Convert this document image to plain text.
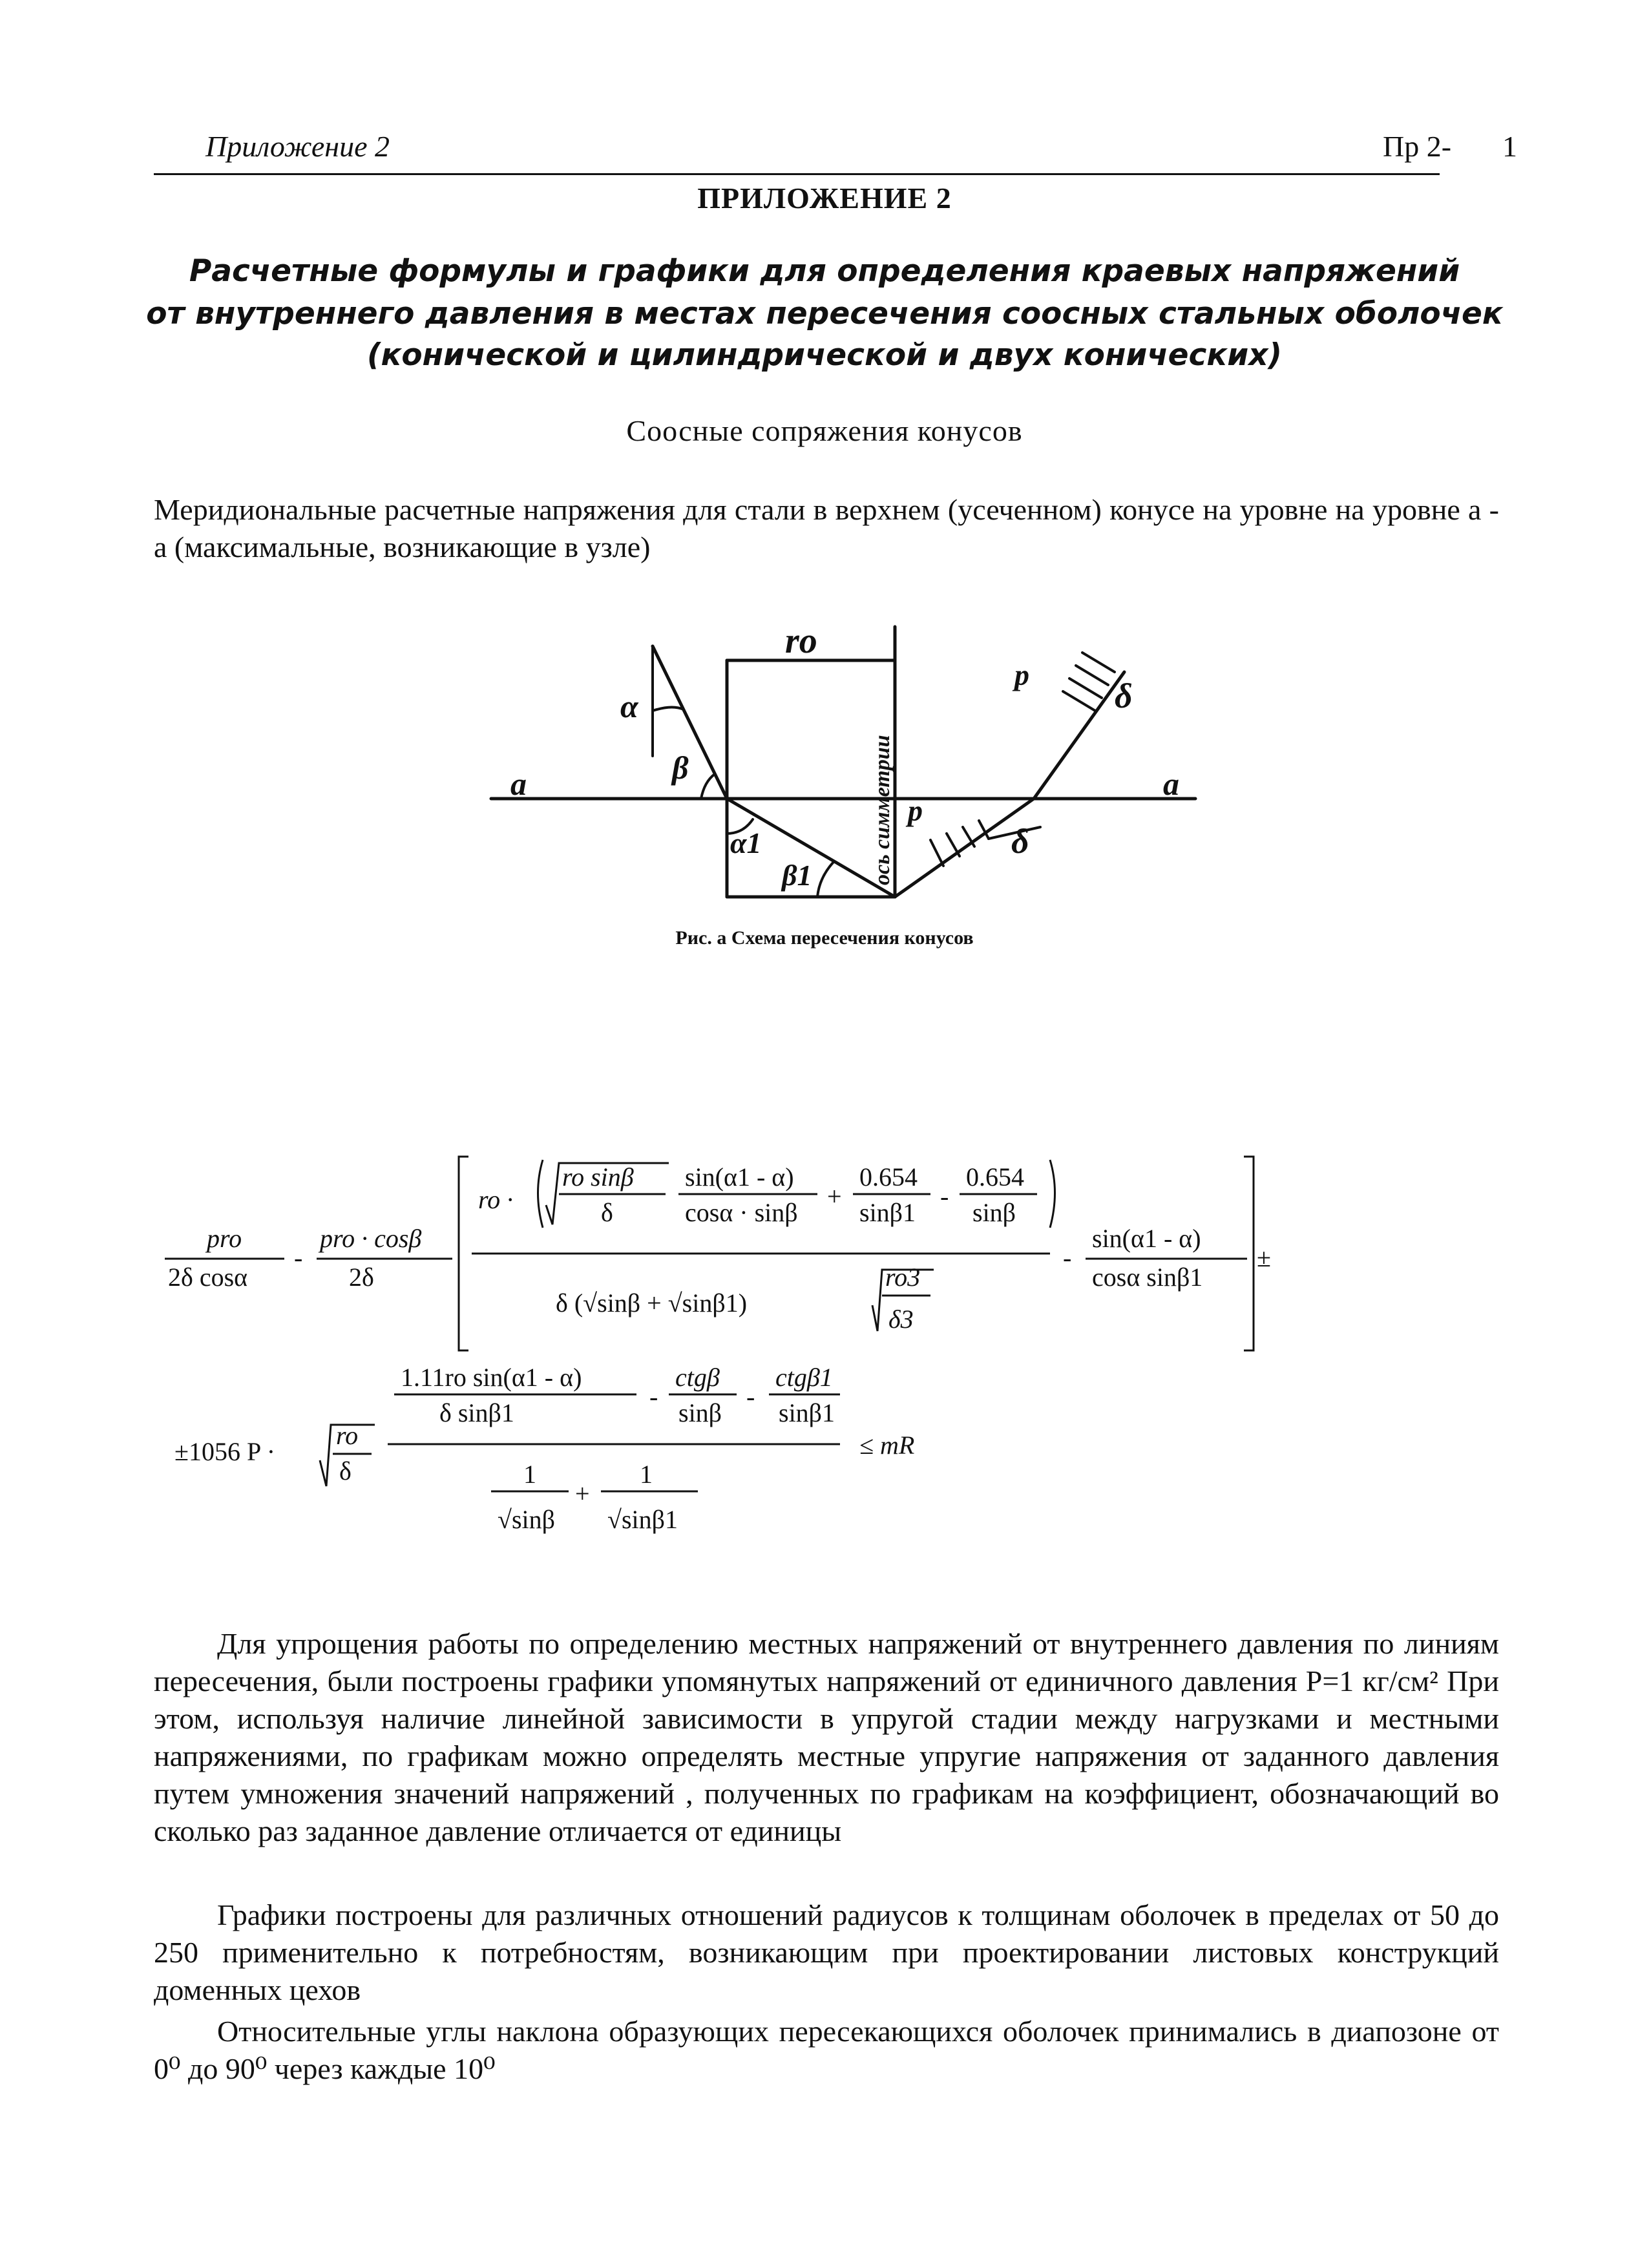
Приложение 2	Пр 2- 1
ПРИЛОЖЕНИЕ 2
Расчетные формулы и графики для определения краевых напряжений
от внутреннего давления в местах пересечения соосных стальных оболочек
(конической и цилиндрической и двух конических)
Соосные сопряжения конусов
Меридиональные расчетные напряжения для стали в верхнем (усеченном) конусе на уровне на уровне а - а (максимальные, возникающие в узле)
ro
a	a
α
β
α1
β1
p
δ
p
δ
ось симметрии
Рис. а Схема пересечения конусов
pro
2δ cosα
-
pro · cosβ
2δ
ro ·
ro sinβ
δ
sin(α1 - α)
cosα · sinβ
+
0.654
sinβ1
-
0.654
sinβ
δ (√sinβ + √sinβ1)
ro3
δ3
-
sin(α1 - α)
cosα sinβ1
±
±1056 P ·
ro
δ
1.11ro sin(α1 - α)
δ sinβ1
-
ctgβ
sinβ
-
ctgβ1
sinβ1
1
√sinβ
+
1
√sinβ1
≤ mR
Для упрощения работы по определению местных напряжений от внутреннего давления по линиям пересечения, были построены графики упомянутых напряжений от единичного давления P=1 кг/см² При этом, используя наличие линейной зависимости в упругой стадии между нагрузками и местными напряжениями, по графикам можно определять местные упругие напряжения от заданного давления путем умножения значений напряжений , полученных по графикам на коэффициент, обозначающий во сколько раз заданное давление отличается от единицы
Графики построены для различных отношений радиусов к толщинам оболочек в пределах от 50 до 250 применительно к потребностям, возникающим при проектировании листовых конструкций доменных цехов
Относительные углы наклона образующих пересекающихся оболочек принимались в диапозоне от 0⁰ до 90⁰ через каждые 10⁰
